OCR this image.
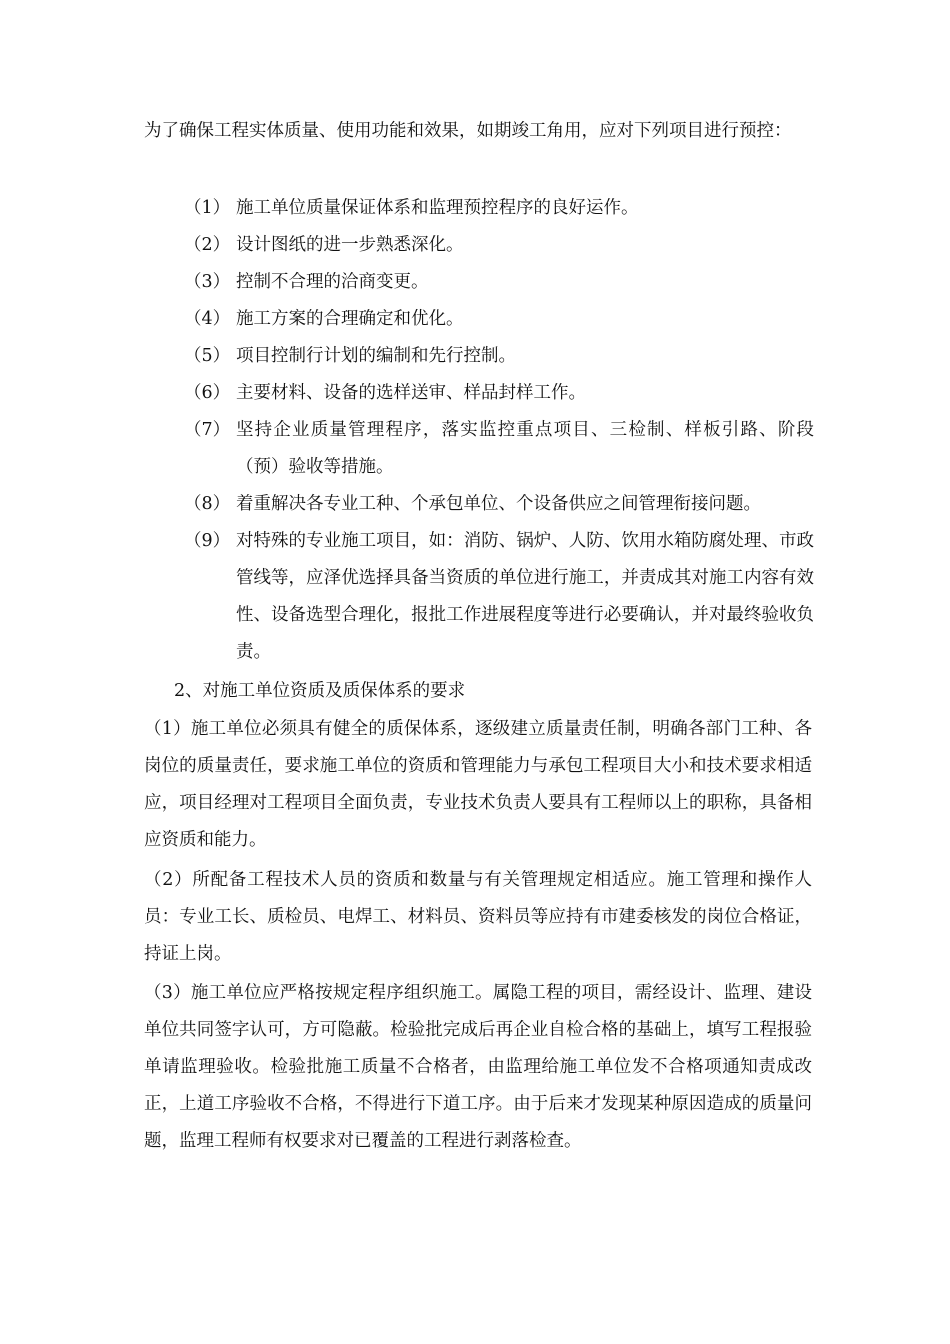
为了确保工程实体质量、使用功能和效果，如期竣工角用，应对下列项目进行预控：

（1） 施工单位质量保证体系和监理预控程序的良好运作。
（2） 设计图纸的进一步熟悉深化。
（3） 控制不合理的洽商变更。
（4） 施工方案的合理确定和优化。
（5） 项目控制行计划的编制和先行控制。
（6） 主要材料、设备的选样送审、样品封样工作。
（7） 坚持企业质量管理程序，落实监控重点项目、三检制、样板引路、阶段（预）验收等措施。
（8） 着重解决各专业工种、个承包单位、个设备供应之间管理衔接问题。
（9） 对特殊的专业施工项目，如：消防、锅炉、人防、饮用水箱防腐处理、市政管线等，应泽优选择具备当资质的单位进行施工，并责成其对施工内容有效性、设备选型合理化，报批工作进展程度等进行必要确认，并对最终验收负责。
2、对施工单位资质及质保体系的要求

（1）施工单位必须具有健全的质保体系，逐级建立质量责任制，明确各部门工种、各岗位的质量责任，要求施工单位的资质和管理能力与承包工程项目大小和技术要求相适应，项目经理对工程项目全面负责，专业技术负责人要具有工程师以上的职称，具备相应资质和能力。

（2）所配备工程技术人员的资质和数量与有关管理规定相适应。施工管理和操作人员：专业工长、质检员、电焊工、材料员、资料员等应持有市建委核发的岗位合格证，持证上岗。

（3）施工单位应严格按规定程序组织施工。属隐工程的项目，需经设计、监理、建设单位共同签字认可，方可隐蔽。检验批完成后再企业自检合格的基础上，填写工程报验单请监理验收。检验批施工质量不合格者，由监理给施工单位发不合格项通知责成改正，上道工序验收不合格，不得进行下道工序。由于后来才发现某种原因造成的质量问题，监理工程师有权要求对已覆盖的工程进行剥落检查。
